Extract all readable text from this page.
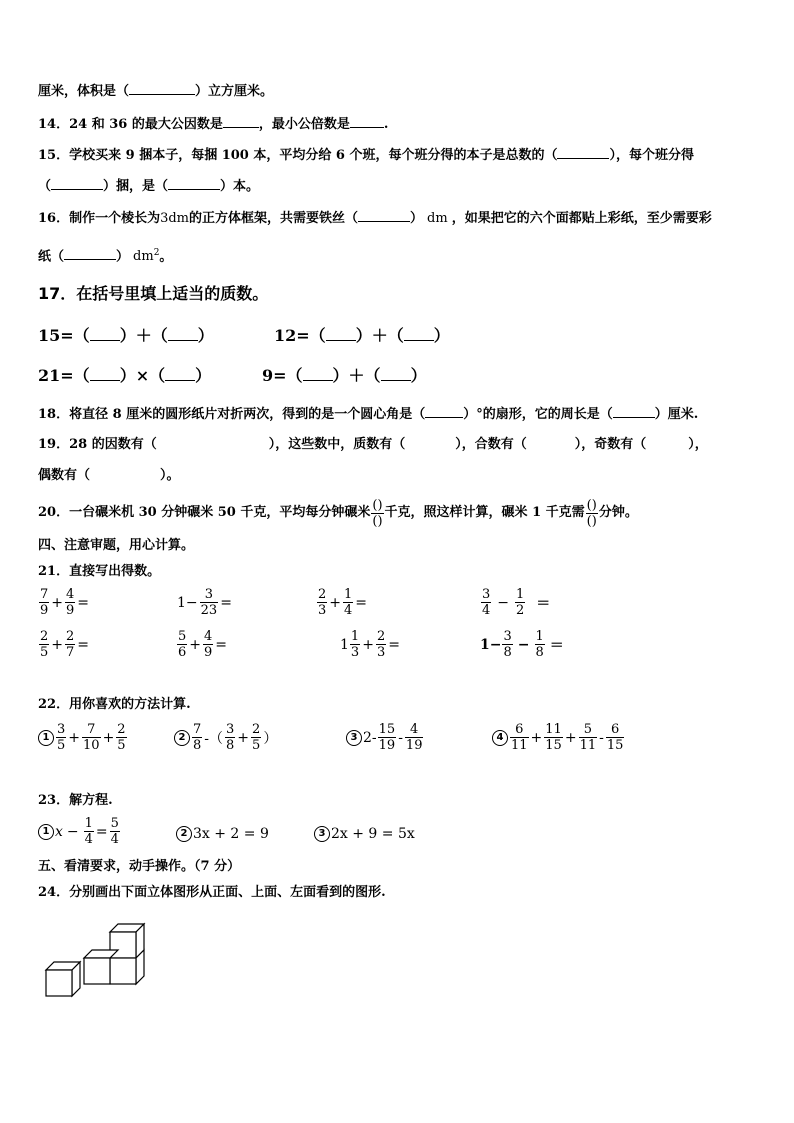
厘米，体积是（	）立方厘米。
14．24 和 36 的最大公因数是	，最小公倍数是	.
15．学校买来 9 捆本子，每捆 100 本，平均分给 6 个班，每个班分得的本子是总数的（	），每个班分得
（	）捆，是（	）本。
16．制作一个棱长为3dm的正方体框架，共需要铁丝（	） dm ，如果把它的六个面都贴上彩纸，至少需要彩
纸（	） $dm^2$。
17．在括号里填上适当的质数。
15=（ ）＋（ ）	12=（ ）＋（ ）
21=（ ）×（ ）	9=（ ）＋（ ）
18．将直径 8 厘米的圆形纸片对折两次，得到的是一个圆心角是（	）°的扇形，它的周长是（	）厘米.
19．28 的因数有（	），这些数中，质数有（	），合数有（	），奇数有（	），
偶数有（	）。
20．一台碾米机 30 分钟碾米 50 千克，平均每分钟碾米 $\frac{()}{()}$ 千克，照这样计算，碾米 1 千克需 $\frac{()}{()}$ 分钟。
四、注意审题，用心计算。
21．直接写出得数。
$\frac{7}{9} + \frac{4}{9}$ =	$1- \frac{3}{23}$ =	$\frac{2}{3} + \frac{1}{4}$ =	$\frac{3}{4} - \frac{1}{2}$ ＝
$\frac{2}{5} + \frac{2}{7}$ =	$\frac{5}{6} + \frac{4}{9}$ =	$1 \frac{1}{3} + \frac{2}{3}$ =	$1- \frac{3}{8} - \frac{1}{8}$ ＝
22．用你喜欢的方法计算.
$1 \frac{3}{5} + \frac{7}{10} + \frac{2}{5}$	$2 \frac{7}{8}$ -（ $\frac{3}{8} + \frac{2}{5}$ ）	3 $2- \frac{15}{19} - \frac{4}{19}$	$4 \frac{6}{11} + \frac{11}{15} + \frac{5}{11} - \frac{6}{15}$
23．解方程.
1 $x - \frac{1}{4} = \frac{5}{4}$	2 3x + 2 = 9	3 2x + 9 = 5x
五、看清要求，动手操作。（7 分）
24．分别画出下面立体图形从正面、上面、左面看到的图形.
